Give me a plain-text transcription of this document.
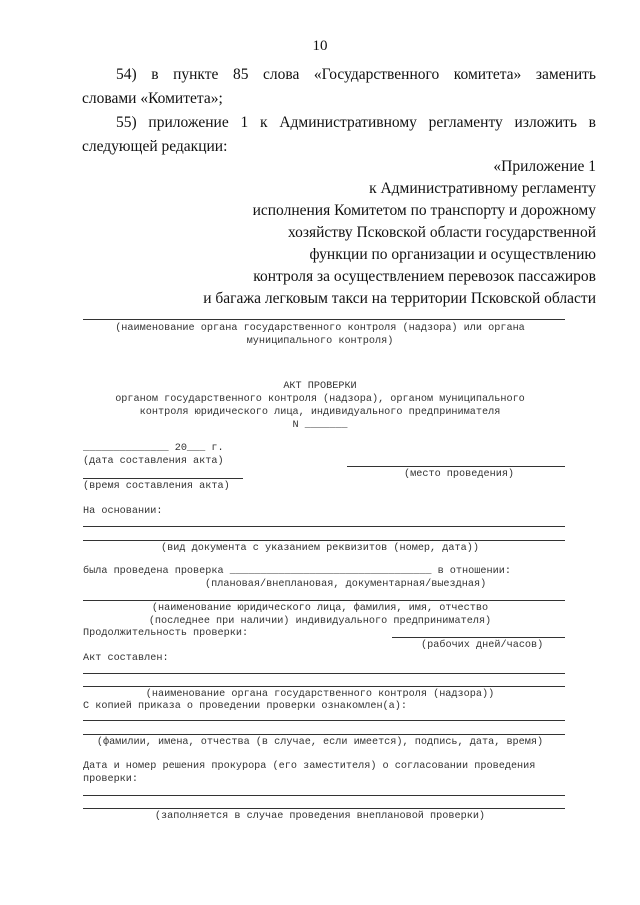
10
54) в пункте 85 слова «Государственного комитета» заменить
словами «Комитета»;
55) приложение 1 к Административному регламенту изложить в
следующей редакции:
«Приложение 1
к Административному регламенту
исполнения Комитетом по транспорту и дорожному
хозяйству Псковской области государственной
функции по организации и осуществлению
контроля за осуществлением перевозок пассажиров
и багажа легковым такси на территории Псковской области
(наименование органа государственного контроля (надзора) или органа
муниципального контроля)
АКТ ПРОВЕРКИ
органом государственного контроля (надзора), органом муниципального
контроля юридического лица, индивидуального предпринимателя
N _______
______________ 20___ г.
(дата составления акта)
(место проведения)
(время составления акта)
На основании:
(вид документа с указанием реквизитов (номер, дата))
была проведена проверка _________________________________ в отношении:
(плановая/внеплановая, документарная/выездная)
(наименование юридического лица, фамилия, имя, отчество
(последнее при наличии) индивидуального предпринимателя)
Продолжительность проверки:
(рабочих дней/часов)
Акт составлен:
(наименование органа государственного контроля (надзора))
С копией приказа о проведении проверки ознакомлен(а):
(фамилии, имена, отчества (в случае, если имеется), подпись, дата, время)
Дата и номер решения прокурора (его заместителя) о согласовании проведения
проверки:
(заполняется в случае проведения внеплановой проверки)
